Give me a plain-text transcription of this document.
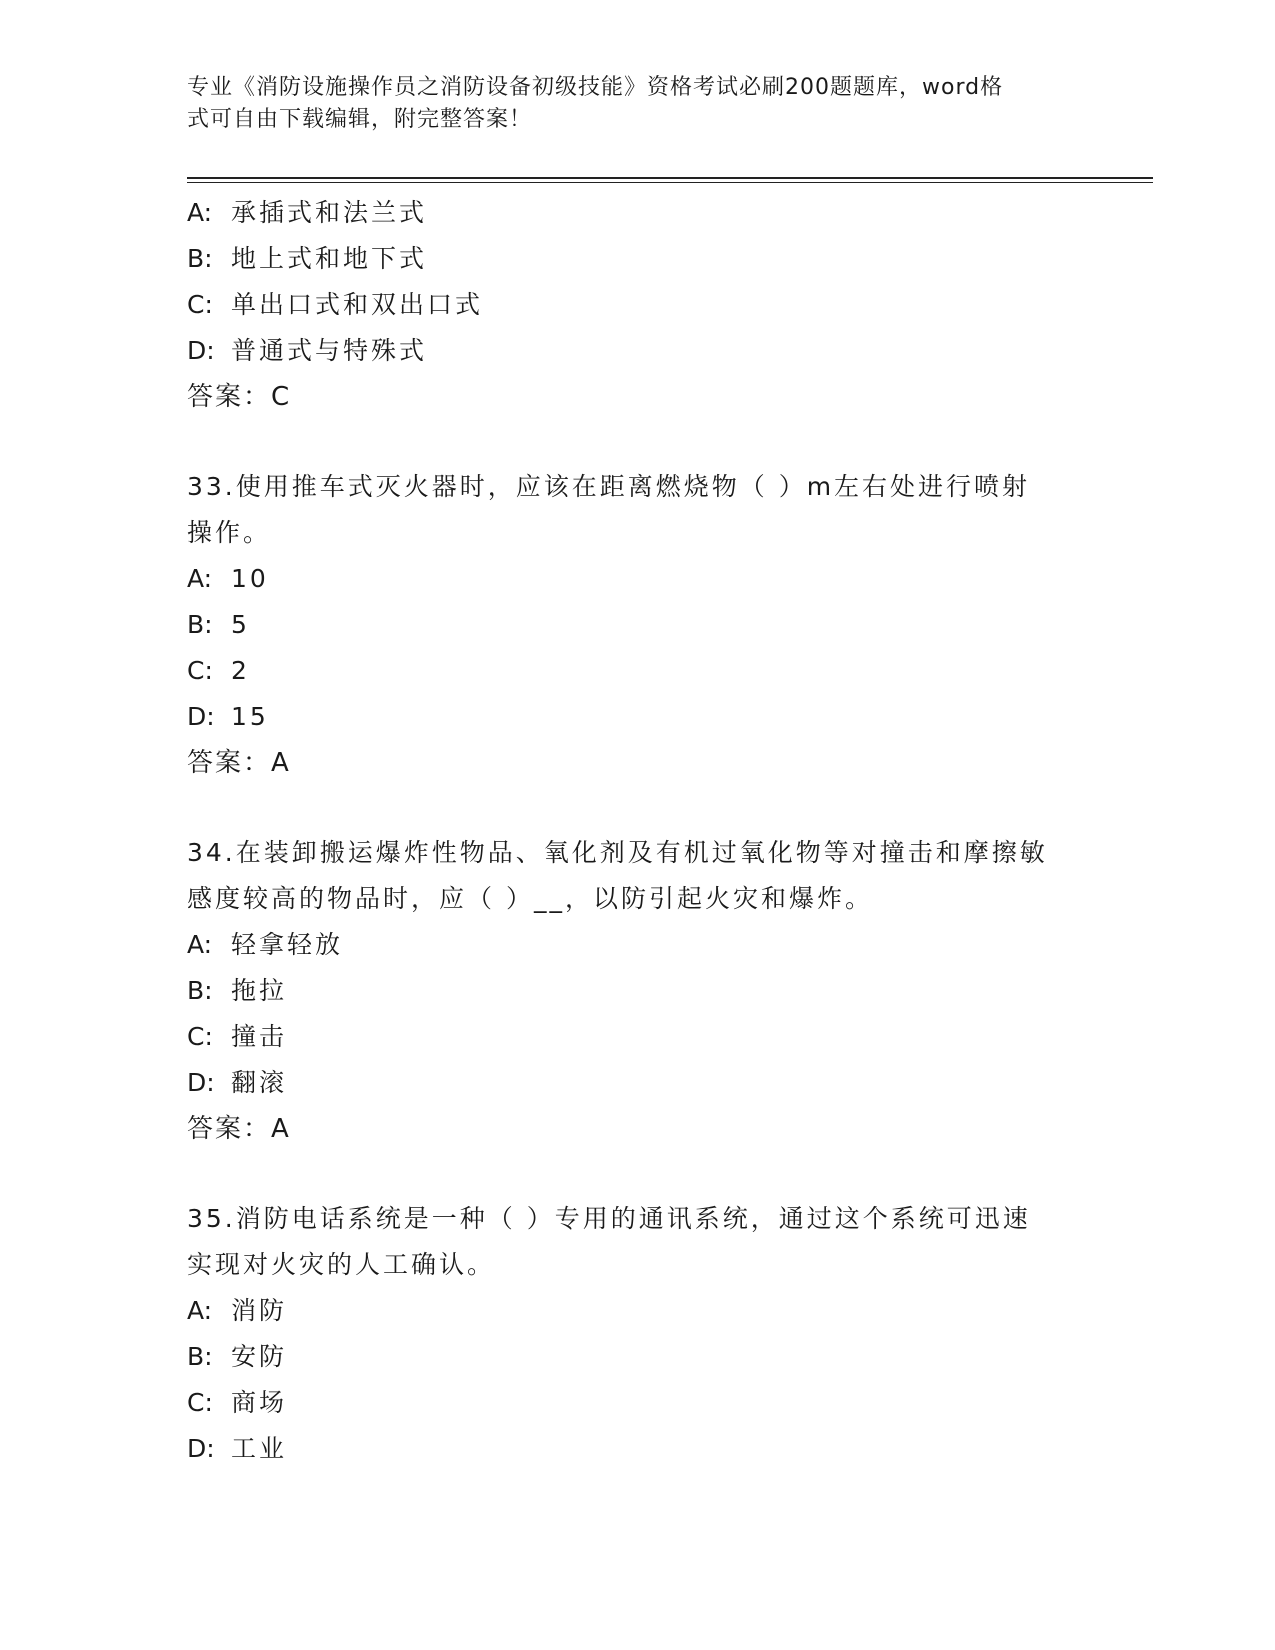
专业《消防设施操作员之消防设备初级技能》资格考试必刷200题题库，word格
式可自由下载编辑，附完整答案！
A: 承插式和法兰式
B: 地上式和地下式
C: 单出口式和双出口式
D: 普通式与特殊式
答案：C
33.使用推车式灭火器时，应该在距离燃烧物（ ）m左右处进行喷射
操作。
A: 10
B: 5
C: 2
D: 15
答案：A
34.在装卸搬运爆炸性物品、氧化剂及有机过氧化物等对撞击和摩擦敏
感度较高的物品时，应（ ）__，以防引起火灾和爆炸。
A: 轻拿轻放
B: 拖拉
C: 撞击
D: 翻滚
答案：A
35.消防电话系统是一种（ ）专用的通讯系统，通过这个系统可迅速
实现对火灾的人工确认。
A: 消防
B: 安防
C: 商场
D: 工业
